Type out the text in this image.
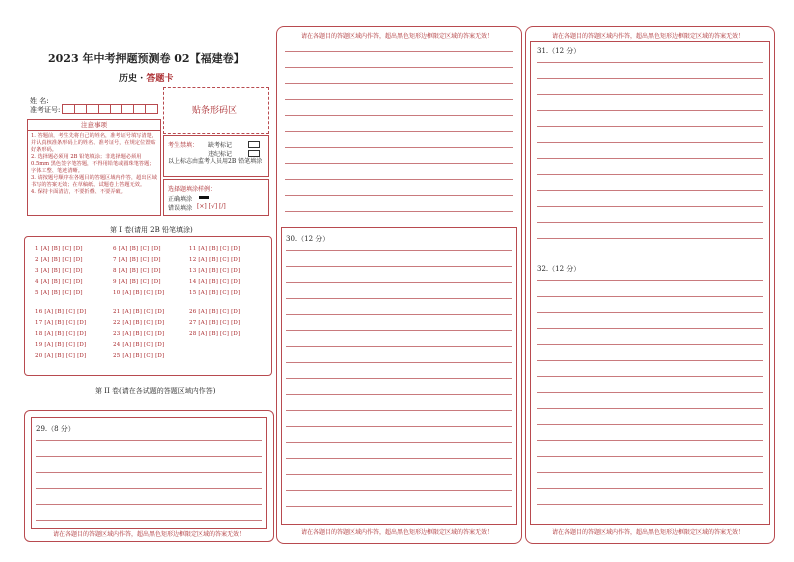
2023 年中考押题预测卷 02【福建卷】
历史 · 答题卡
姓 名:
准考证号:	贴条形码区
注意事项
1. 答题前，考生先将自己的姓名，准考证号填写清楚，并认真核准条形码上的姓名、准考证号，在规定位置贴好条形码。
2. 选择题必须用 2B 铅笔填涂；非选择题必须用 0.5mm 黑色签字笔答题，不得用铅笔或圆珠笔答题；字体工整、笔迹清晰。
3. 请按题号顺序在各题目的答题区域内作答，超出区域书写的答案无效；在草稿纸、试题卷上答题无效。
4. 保持卡面清洁，不要折叠、不要弄破。
考生禁填： 缺考标记
违纪标记
以上标志由监考人员用2B 铅笔填涂
选择题填涂样例：
正确填涂
错误填涂 [×] [√] [/]
第 I 卷(请用 2B 铅笔填涂)
1 [A] [B] [C] [D]
2 [A] [B] [C] [D]
3 [A] [B] [C] [D]
4 [A] [B] [C] [D]
5 [A] [B] [C] [D]
6 [A] [B] [C] [D]
7 [A] [B] [C] [D]
8 [A] [B] [C] [D]
9 [A] [B] [C] [D]
10 [A] [B] [C] [D]
11 [A] [B] [C] [D]
12 [A] [B] [C] [D]
13 [A] [B] [C] [D]
14 [A] [B] [C] [D]
15 [A] [B] [C] [D]
16 [A] [B] [C] [D]
17 [A] [B] [C] [D]
18 [A] [B] [C] [D]
19 [A] [B] [C] [D]
20 [A] [B] [C] [D]
21 [A] [B] [C] [D]
22 [A] [B] [C] [D]
23 [A] [B] [C] [D]
24 [A] [B] [C] [D]
25 [A] [B] [C] [D]
26 [A] [B] [C] [D]
27 [A] [B] [C] [D]
28 [A] [B] [C] [D]
第 II 卷(请在各试题的答题区域内作答)
29.（8 分）
请在各题目的答题区域内作答，超出黑色矩形边框限定区域的答案无效！
请在各题目的答题区域内作答，超出黑色矩形边框限定区域的答案无效！
30.（12 分）
请在各题目的答题区域内作答，超出黑色矩形边框限定区域的答案无效！
请在各题目的答题区域内作答，超出黑色矩形边框限定区域的答案无效！
31.（12 分）
32.（12 分）
请在各题目的答题区域内作答，超出黑色矩形边框限定区域的答案无效！
